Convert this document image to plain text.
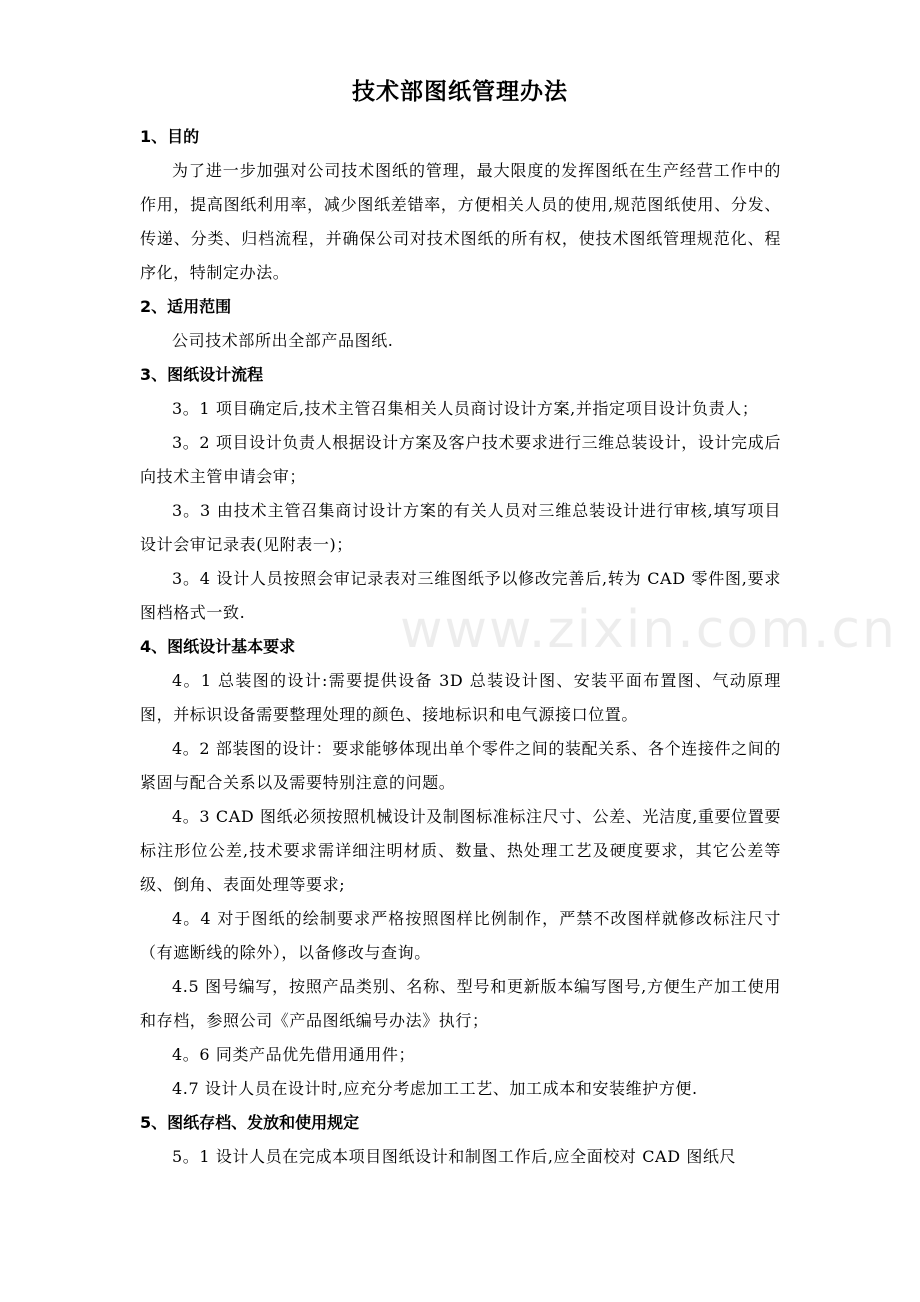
技术部图纸管理办法
1、目的
为了进一步加强对公司技术图纸的管理，最大限度的发挥图纸在生产经营工作中的作用，提高图纸利用率，减少图纸差错率，方便相关人员的使用,规范图纸使用、分发、传递、分类、归档流程，并确保公司对技术图纸的所有权，使技术图纸管理规范化、程序化，特制定办法。
2、适用范围
公司技术部所出全部产品图纸.
3、图纸设计流程
3。1 项目确定后,技术主管召集相关人员商讨设计方案,并指定项目设计负责人；
3。2 项目设计负责人根据设计方案及客户技术要求进行三维总装设计，设计完成后向技术主管申请会审；
3。3 由技术主管召集商讨设计方案的有关人员对三维总装设计进行审核,填写项目设计会审记录表(见附表一)；
3。4 设计人员按照会审记录表对三维图纸予以修改完善后,转为 CAD 零件图,要求图档格式一致.
4、图纸设计基本要求
4。1 总装图的设计:需要提供设备 3D 总装设计图、安装平面布置图、气动原理图，并标识设备需要整理处理的颜色、接地标识和电气源接口位置。
4。2 部装图的设计：要求能够体现出单个零件之间的装配关系、各个连接件之间的紧固与配合关系以及需要特别注意的问题。
4。3 CAD 图纸必须按照机械设计及制图标准标注尺寸、公差、光洁度,重要位置要标注形位公差,技术要求需详细注明材质、数量、热处理工艺及硬度要求，其它公差等级、倒角、表面处理等要求;
4。4 对于图纸的绘制要求严格按照图样比例制作，严禁不改图样就修改标注尺寸（有遮断线的除外），以备修改与查询。
4.5 图号编写，按照产品类别、名称、型号和更新版本编写图号,方便生产加工使用和存档，参照公司《产品图纸编号办法》执行；
4。6 同类产品优先借用通用件；
4.7 设计人员在设计时,应充分考虑加工工艺、加工成本和安装维护方便.
5、图纸存档、发放和使用规定
5。1 设计人员在完成本项目图纸设计和制图工作后,应全面校对 CAD 图纸尺
www.zixin.com.cn
